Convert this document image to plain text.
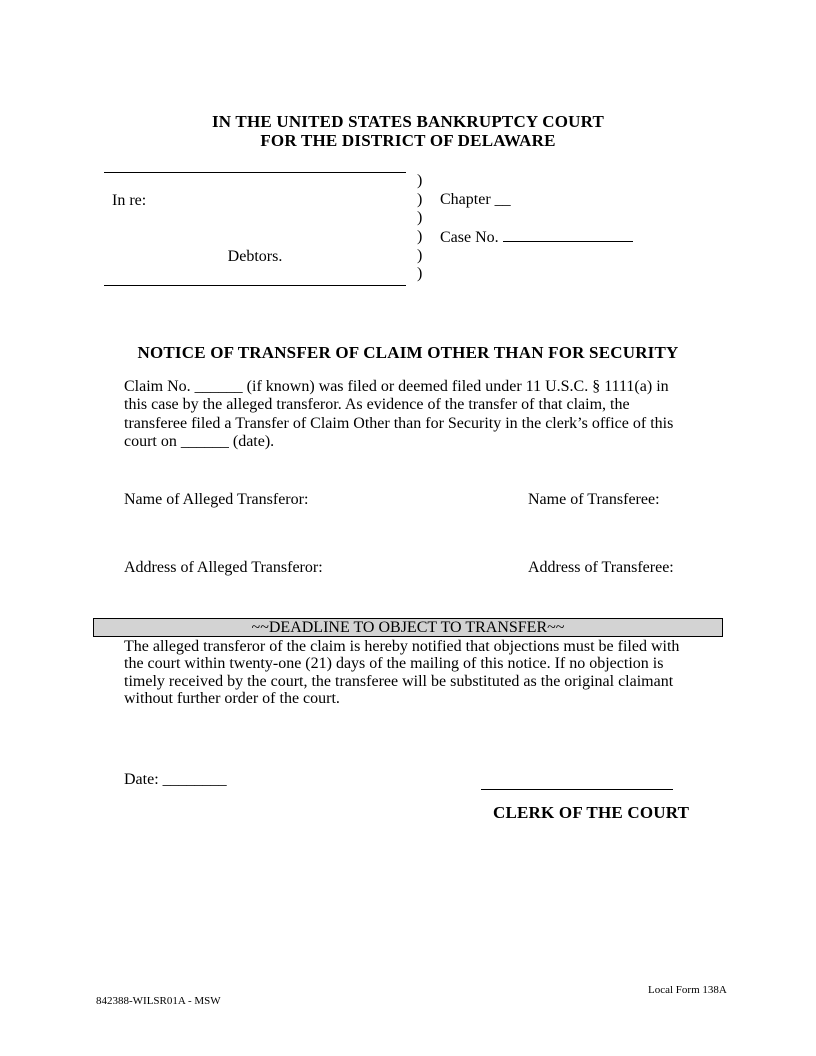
IN THE UNITED STATES BANKRUPTCY COURT
FOR THE DISTRICT OF DELAWARE
In re:
Debtors.
)
)
)
)
)
)
Chapter __
Case No.
NOTICE OF TRANSFER OF CLAIM OTHER THAN FOR SECURITY
Claim No. ______ (if known) was filed or deemed filed under 11 U.S.C. § 1111(a) in this case by the alleged transferor. As evidence of the transfer of that claim, the transferee filed a Transfer of Claim Other than for Security in the clerk’s office of this court on ______ (date).
Name of Alleged Transferor:	Name of Transferee:
Address of Alleged Transferor:	Address of Transferee:
~~DEADLINE TO OBJECT TO TRANSFER~~
The alleged transferor of the claim is hereby notified that objections must be filed with the court within twenty-one (21) days of the mailing of this notice. If no objection is timely received by the court, the transferee will be substituted as the original claimant without further order of the court.
Date: ________
CLERK OF THE COURT
842388-WILSR01A - MSW
Local Form 138A
